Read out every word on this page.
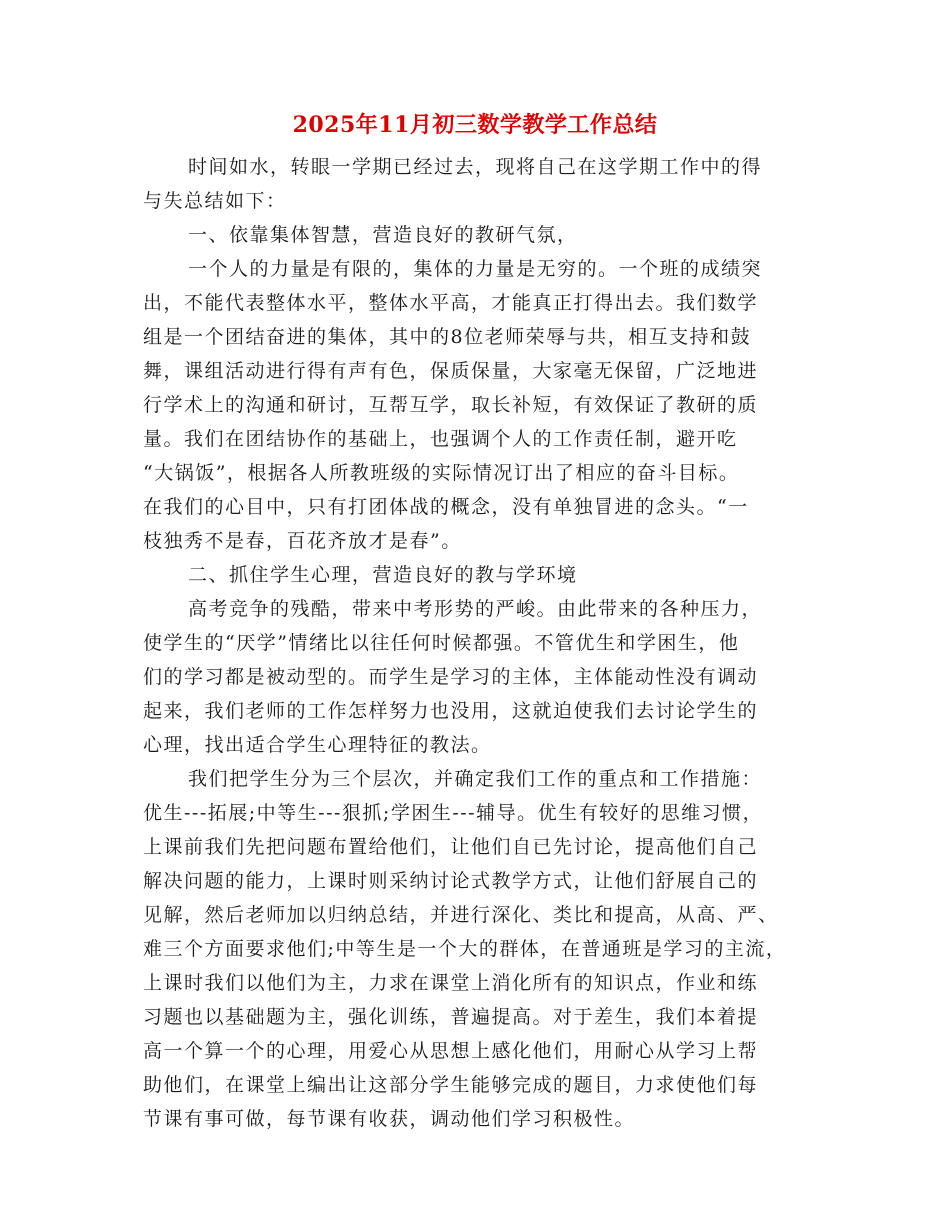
2025年11月初三数学教学工作总结
时间如水，转眼一学期已经过去，现将自己在这学期工作中的得
与失总结如下：
一、依靠集体智慧，营造良好的教研气氛，
一个人的力量是有限的，集体的力量是无穷的。一个班的成绩突
出，不能代表整体水平，整体水平高，才能真正打得出去。我们数学
组是一个团结奋进的集体，其中的8位老师荣辱与共，相互支持和鼓
舞，课组活动进行得有声有色，保质保量，大家毫无保留，广泛地进
行学术上的沟通和研讨，互帮互学，取长补短，有效保证了教研的质
量。我们在团结协作的基础上，也强调个人的工作责任制，避开吃
“大锅饭”，根据各人所教班级的实际情况订出了相应的奋斗目标。
在我们的心目中，只有打团体战的概念，没有单独冒进的念头。“一
枝独秀不是春，百花齐放才是春”。
二、抓住学生心理，营造良好的教与学环境
高考竞争的残酷，带来中考形势的严峻。由此带来的各种压力，
使学生的“厌学”情绪比以往任何时候都强。不管优生和学困生，他
们的学习都是被动型的。而学生是学习的主体，主体能动性没有调动
起来，我们老师的工作怎样努力也没用，这就迫使我们去讨论学生的
心理，找出适合学生心理特征的教法。
我们把学生分为三个层次，并确定我们工作的重点和工作措施：
优生---拓展;中等生---狠抓;学困生---辅导。优生有较好的思维习惯，
上课前我们先把问题布置给他们，让他们自已先讨论，提高他们自己
解决问题的能力，上课时则采纳讨论式教学方式，让他们舒展自己的
见解，然后老师加以归纳总结，并进行深化、类比和提高，从高、严、
难三个方面要求他们;中等生是一个大的群体，在普通班是学习的主流，
上课时我们以他们为主，力求在课堂上消化所有的知识点，作业和练
习题也以基础题为主，强化训练，普遍提高。对于差生，我们本着提
高一个算一个的心理，用爱心从思想上感化他们，用耐心从学习上帮
助他们，在课堂上编出让这部分学生能够完成的题目，力求使他们每
节课有事可做，每节课有收获，调动他们学习积极性。
